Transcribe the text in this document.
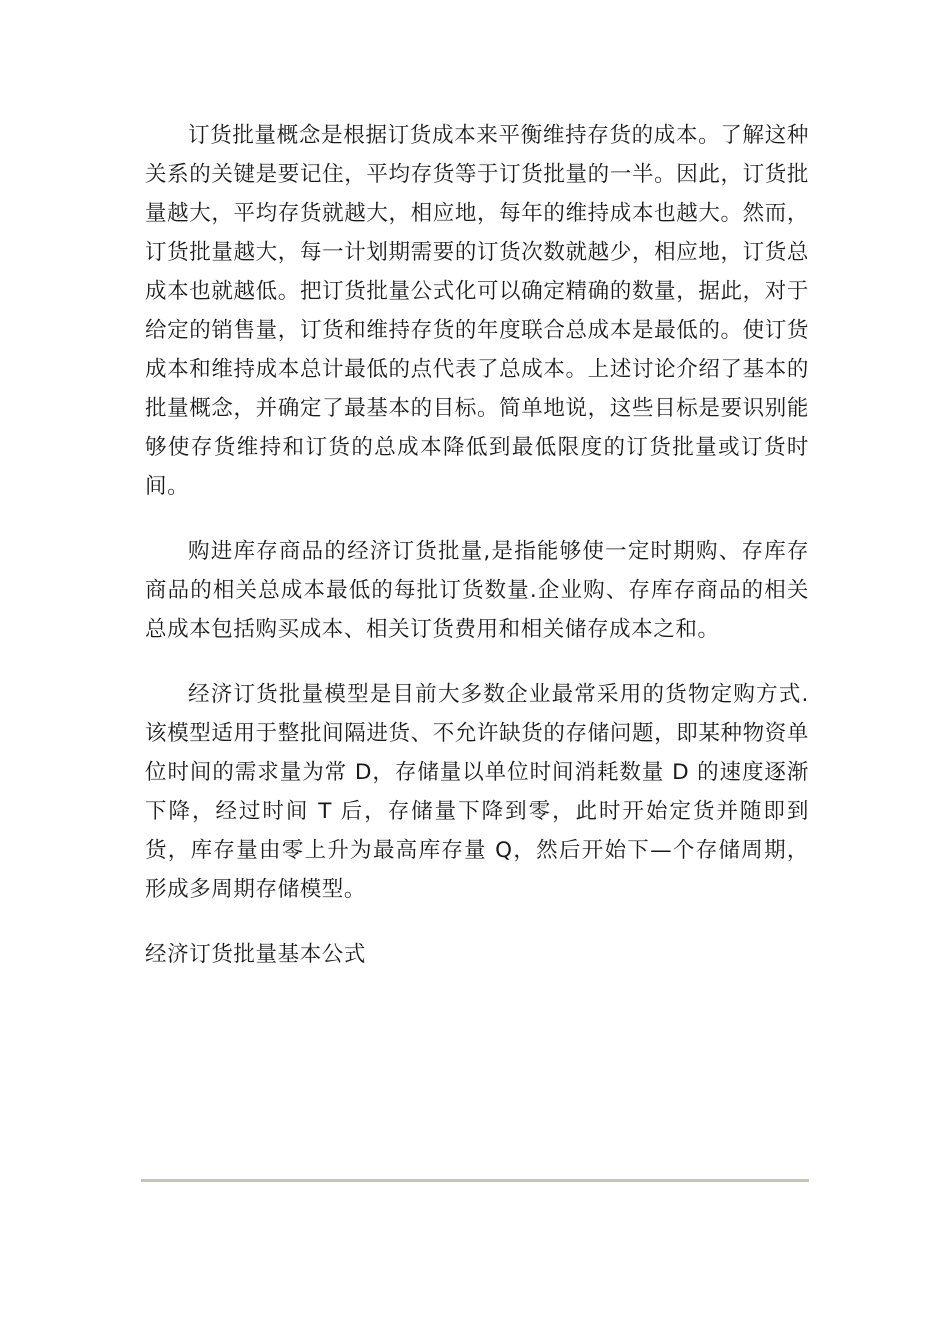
订货批量概念是根据订货成本来平衡维持存货的成本。了解这种关系的关键是要记住，平均存货等于订货批量的一半。因此，订货批量越大，平均存货就越大，相应地，每年的维持成本也越大。然而，订货批量越大，每一计划期需要的订货次数就越少，相应地，订货总成本也就越低。把订货批量公式化可以确定精确的数量，据此，对于给定的销售量，订货和维持存货的年度联合总成本是最低的。使订货成本和维持成本总计最低的点代表了总成本。上述讨论介绍了基本的批量概念，并确定了最基本的目标。简单地说，这些目标是要识别能够使存货维持和订货的总成本降低到最低限度的订货批量或订货时间。

购进库存商品的经济订货批量,是指能够使一定时期购、存库存商品的相关总成本最低的每批订货数量.企业购、存库存商品的相关总成本包括购买成本、相关订货费用和相关储存成本之和。

经济订货批量模型是目前大多数企业最常采用的货物定购方式.该模型适用于整批间隔进货、不允许缺货的存储问题，即某种物资单位时间的需求量为常 D，存储量以单位时间消耗数量 D 的速度逐渐下降，经过时间 T 后，存储量下降到零，此时开始定货并随即到货，库存量由零上升为最高库存量 Q，然后开始下—个存储周期，形成多周期存储模型。

经济订货批量基本公式
